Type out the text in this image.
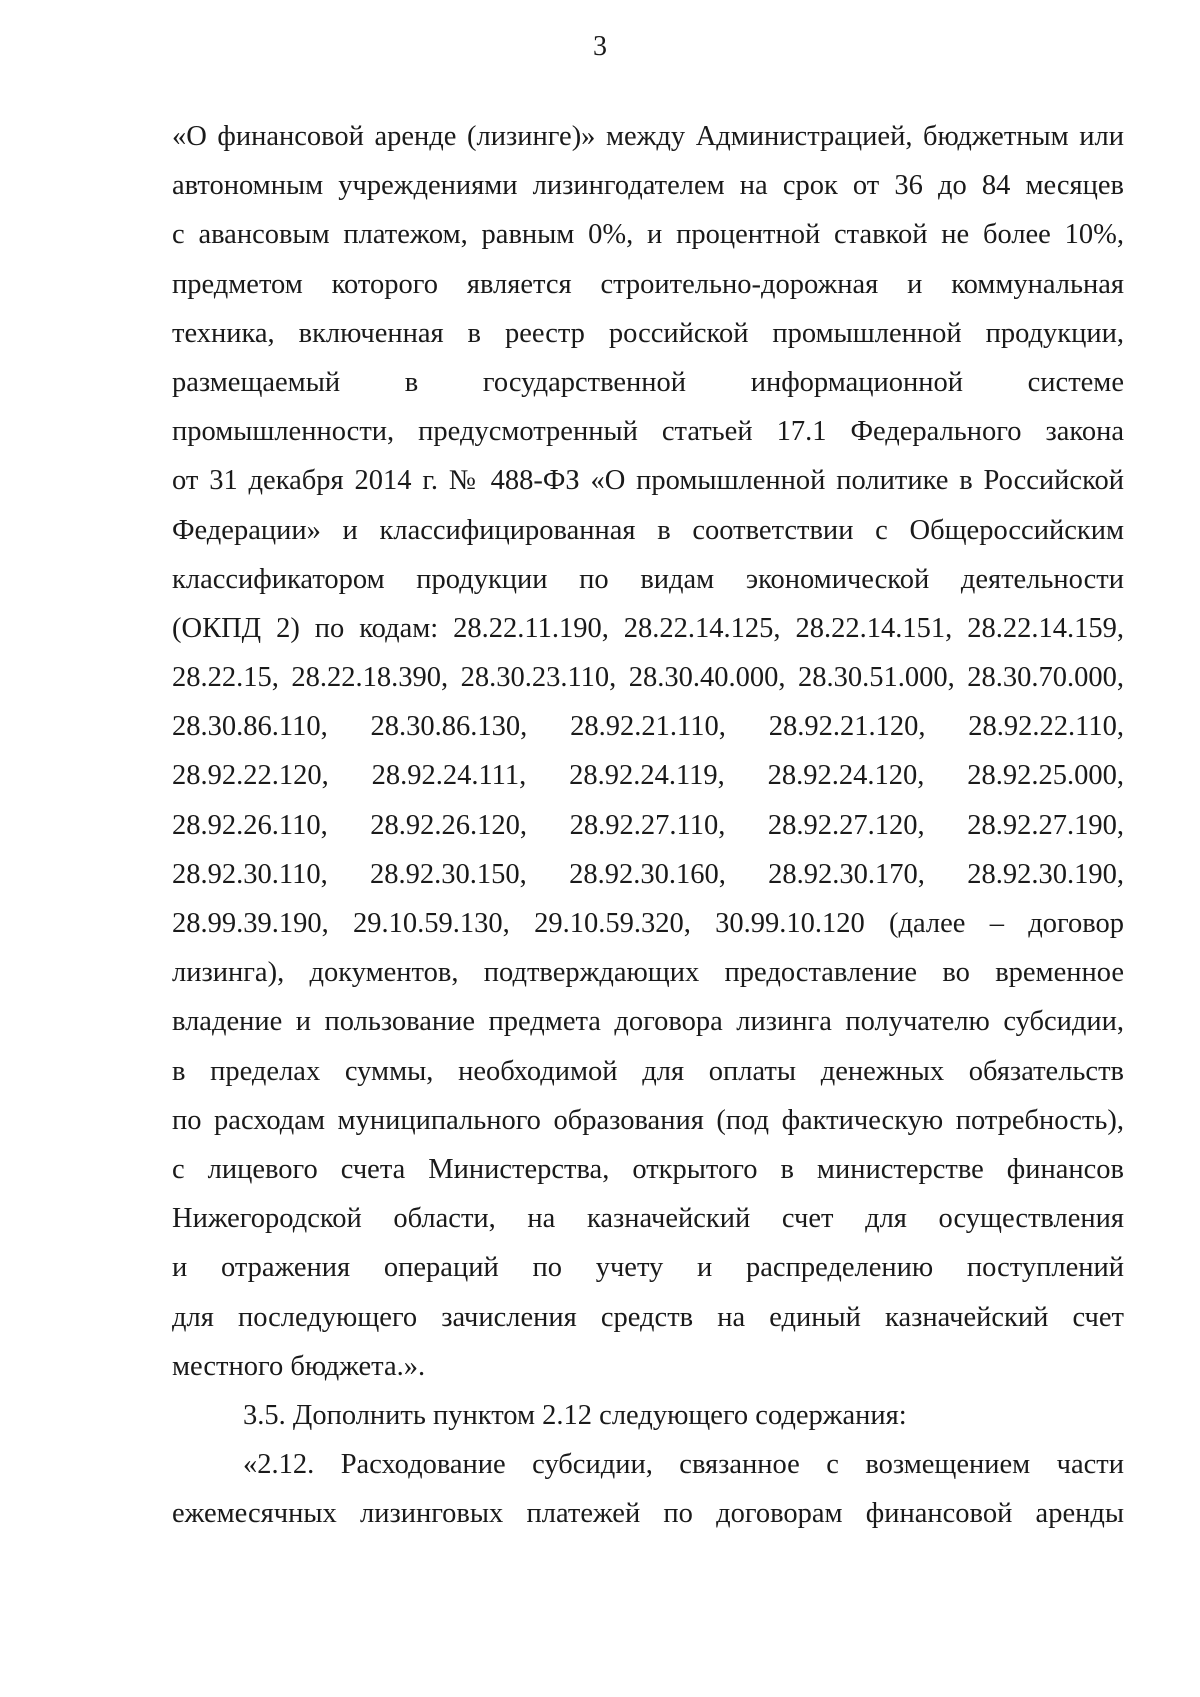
3
«О финансовой аренде (лизинге)» между Администрацией, бюджетным или
автономным учреждениями лизингодателем на срок от 36 до 84 месяцев
с авансовым платежом, равным 0%, и процентной ставкой не более 10%,
предметом которого является строительно-дорожная и коммунальная
техника, включенная в реестр российской промышленной продукции,
размещаемый в государственной информационной системе
промышленности, предусмотренный статьей 17.1 Федерального закона
от 31 декабря 2014 г. № 488-ФЗ «О промышленной политике в Российской
Федерации» и классифицированная в соответствии с Общероссийским
классификатором продукции по видам экономической деятельности
(ОКПД 2) по кодам: 28.22.11.190, 28.22.14.125, 28.22.14.151, 28.22.14.159,
28.22.15, 28.22.18.390, 28.30.23.110, 28.30.40.000, 28.30.51.000, 28.30.70.000,
28.30.86.110, 28.30.86.130, 28.92.21.110, 28.92.21.120, 28.92.22.110,
28.92.22.120, 28.92.24.111, 28.92.24.119, 28.92.24.120, 28.92.25.000,
28.92.26.110, 28.92.26.120, 28.92.27.110, 28.92.27.120, 28.92.27.190,
28.92.30.110, 28.92.30.150, 28.92.30.160, 28.92.30.170, 28.92.30.190,
28.99.39.190, 29.10.59.130, 29.10.59.320, 30.99.10.120 (далее – договор
лизинга), документов, подтверждающих предоставление во временное
владение и пользование предмета договора лизинга получателю субсидии,
в пределах суммы, необходимой для оплаты денежных обязательств
по расходам муниципального образования (под фактическую потребность),
с лицевого счета Министерства, открытого в министерстве финансов
Нижегородской области, на казначейский счет для осуществления
и отражения операций по учету и распределению поступлений
для последующего зачисления средств на единый казначейский счет
местного бюджета.».
3.5. Дополнить пунктом 2.12 следующего содержания:
«2.12. Расходование субсидии, связанное с возмещением части
ежемесячных лизинговых платежей по договорам финансовой аренды
